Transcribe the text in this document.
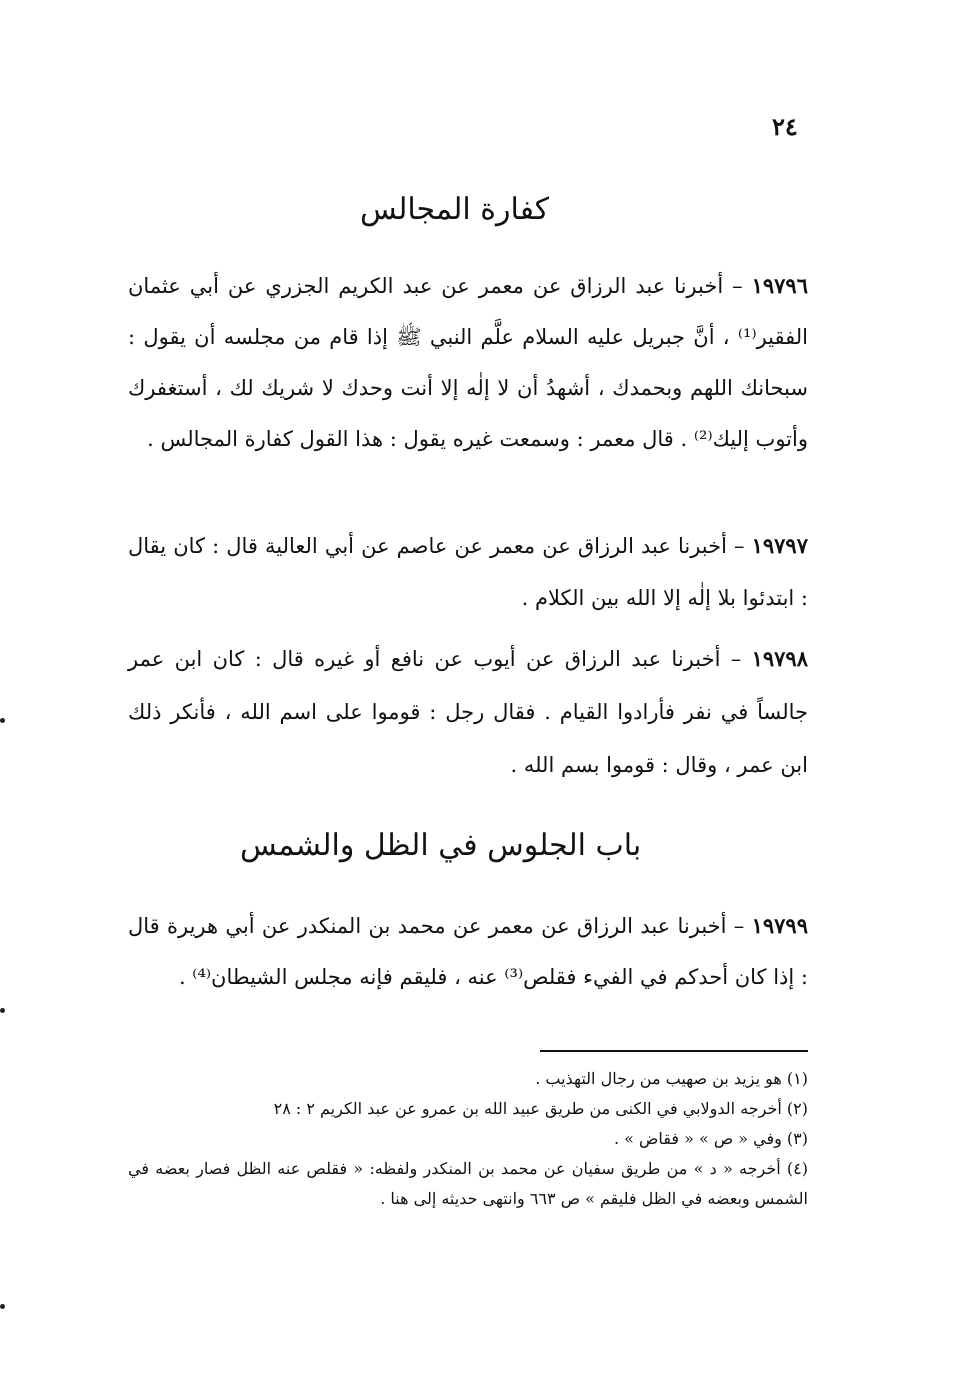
٢٤
كفارة المجالس
١٩٧٩٦ – أخبرنا عبد الرزاق عن معمر عن عبد الكريم الجزري عن أبي عثمان الفقير⁽¹⁾ ، أنَّ جبريل عليه السلام علَّم النبي ﷺ إذا قام من مجلسه أن يقول : سبحانك اللهم وبحمدك ، أشهدُ أن لا إلٰه إلا أنت وحدك لا شريك لك ، أستغفرك وأتوب إليك⁽²⁾ . قال معمر : وسمعت غيره يقول : هذا القول كفارة المجالس .
١٩٧٩٧ – أخبرنا عبد الرزاق عن معمر عن عاصم عن أبي العالية قال : كان يقال : ابتدئوا بلا إلٰه إلا الله بين الكلام .
١٩٧٩٨ – أخبرنا عبد الرزاق عن أيوب عن نافع أو غيره قال : كان ابن عمر جالساً في نفر فأرادوا القيام . فقال رجل : قوموا على اسم الله ، فأنكر ذلك ابن عمر ، وقال : قوموا بسم الله .
باب الجلوس في الظل والشمس
١٩٧٩٩ – أخبرنا عبد الرزاق عن معمر عن محمد بن المنكدر عن أبي هريرة قال : إذا كان أحدكم في الفيء فقلص⁽³⁾ عنه ، فليقم فإنه مجلس الشيطان⁽⁴⁾ .
(١) هو يزيد بن صهيب من رجال التهذيب .
(٢) أخرجه الدولابي في الكنى من طريق عبيد الله بن عمرو عن عبد الكريم ٢ : ٢٨
(٣) وفي « ص » « فقاض » .
(٤) أخرجه « د » من طريق سفيان عن محمد بن المنكدر ولفظه: « فقلص عنه الظل فصار بعضه في الشمس وبعضه في الظل فليقم » ص ٦٦٣ وانتهى حديثه إلى هنا .
